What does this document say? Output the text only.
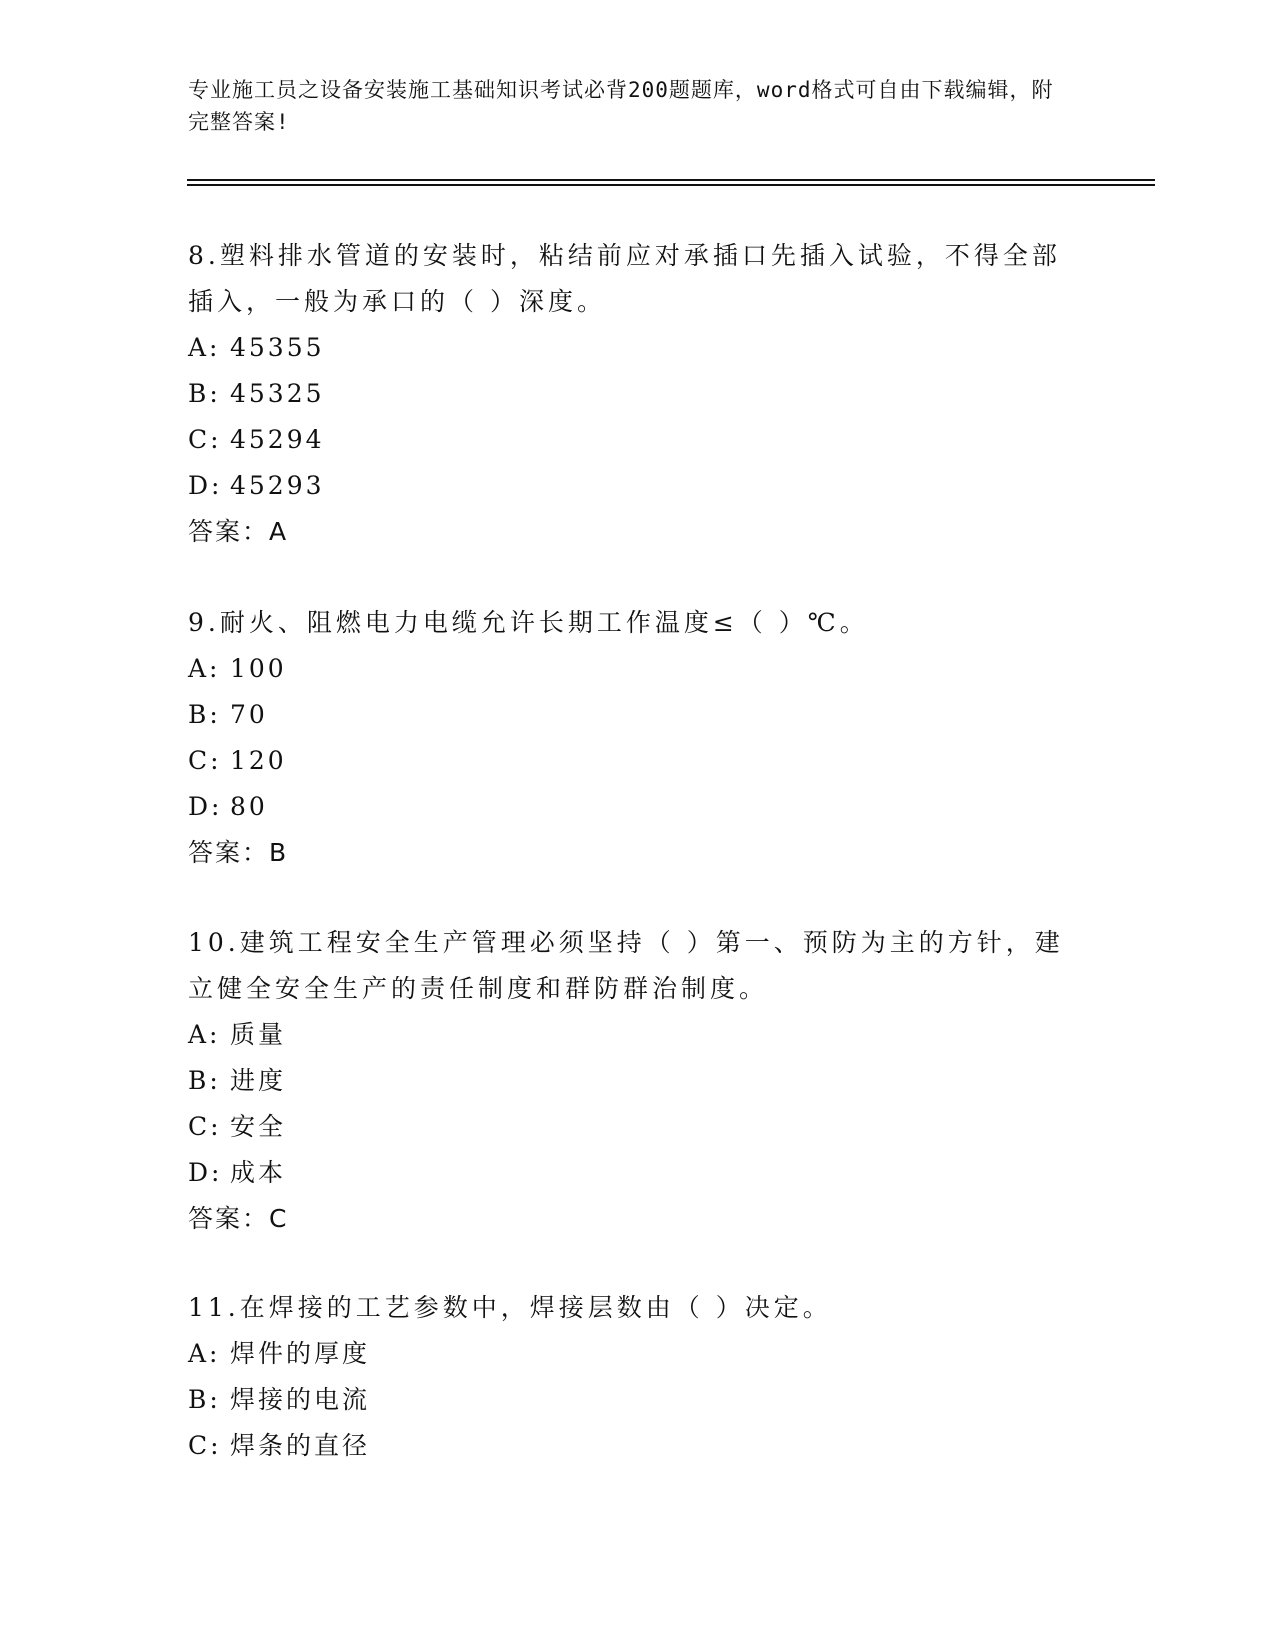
专业施工员之设备安装施工基础知识考试必背200题题库，word格式可自由下载编辑，附完整答案!
8.塑料排水管道的安装时，粘结前应对承插口先插入试验，不得全部插入，一般为承口的（ ）深度。
A: 45355
B: 45325
C: 45294
D: 45293
答案：A
9.耐火、阻燃电力电缆允许长期工作温度≤（ ）℃。
A: 100
B: 70
C: 120
D: 80
答案：B
10.建筑工程安全生产管理必须坚持（ ）第一、预防为主的方针，建立健全安全生产的责任制度和群防群治制度。
A: 质量
B: 进度
C: 安全
D: 成本
答案：C
11.在焊接的工艺参数中，焊接层数由（ ）决定。
A: 焊件的厚度
B: 焊接的电流
C: 焊条的直径
